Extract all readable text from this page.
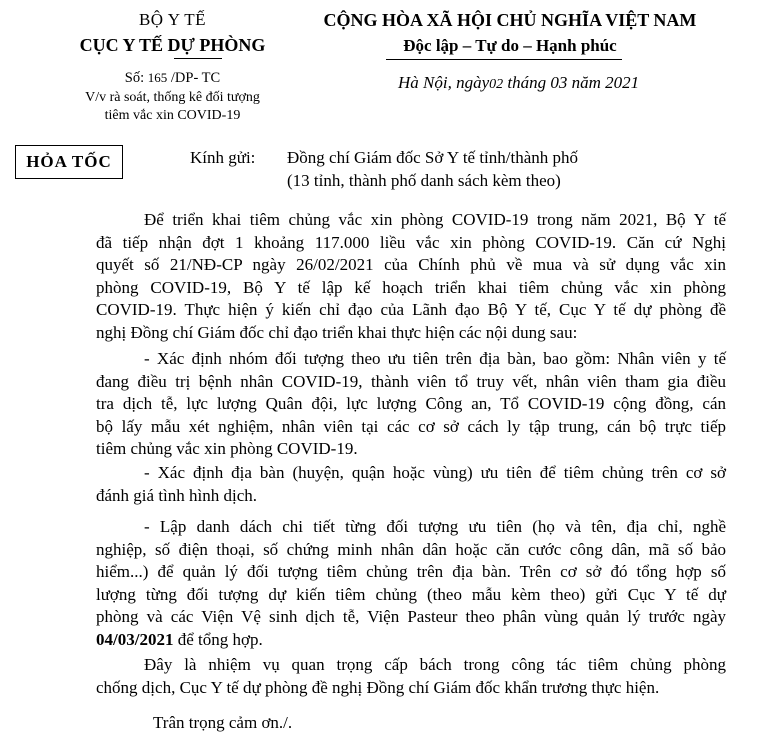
BỘ Y TẾ
CỤC Y TẾ DỰ PHÒNG
Số: 165 /DP- TC
V/v rà soát, thống kê đối tượng
tiêm vắc xin COVID-19
CỘNG HÒA XÃ HỘI CHỦ NGHĨA VIỆT NAM
Độc lập – Tự do – Hạnh phúc
Hà Nội, ngày02 tháng 03 năm 2021
HỎA TỐC	Kính gửi: Đồng chí Giám đốc Sở Y tế tỉnh/thành phố
(13 tỉnh, thành phố danh sách kèm theo)
Để triển khai tiêm chủng vắc xin phòng COVID-19 trong năm 2021, Bộ Y tế
đã tiếp nhận đợt 1 khoảng 117.000 liều vắc xin phòng COVID-19. Căn cứ Nghị
quyết số 21/NĐ-CP ngày 26/02/2021 của Chính phủ về mua và sử dụng vắc xin
phòng COVID-19, Bộ Y tế lập kế hoạch triển khai tiêm chủng vắc xin phòng
COVID-19. Thực hiện ý kiến chỉ đạo của Lãnh đạo Bộ Y tế, Cục Y tế dự phòng đề
nghị Đồng chí Giám đốc chỉ đạo triển khai thực hiện các nội dung sau:
- Xác định nhóm đối tượng theo ưu tiên trên địa bàn, bao gồm: Nhân viên y tế
đang điều trị bệnh nhân COVID-19, thành viên tổ truy vết, nhân viên tham gia điều
tra dịch tễ, lực lượng Quân đội, lực lượng Công an, Tổ COVID-19 cộng đồng, cán
bộ lấy mẫu xét nghiệm, nhân viên tại các cơ sở cách ly tập trung, cán bộ trực tiếp
tiêm chủng vắc xin phòng COVID-19.
- Xác định địa bàn (huyện, quận hoặc vùng) ưu tiên để tiêm chủng trên cơ sở
đánh giá tình hình dịch.
- Lập danh dách chi tiết từng đối tượng ưu tiên (họ và tên, địa chỉ, nghề
nghiệp, số điện thoại, số chứng minh nhân dân hoặc căn cước công dân, mã số bảo
hiểm...) để quản lý đối tượng tiêm chủng trên địa bàn. Trên cơ sở đó tổng hợp số
lượng từng đối tượng dự kiến tiêm chủng (theo mẫu kèm theo) gửi Cục Y tế dự
phòng và các Viện Vệ sinh dịch tễ, Viện Pasteur theo phân vùng quản lý trước ngày
04/03/2021 để tổng hợp.
Đây là nhiệm vụ quan trọng cấp bách trong công tác tiêm chủng phòng
chống dịch, Cục Y tế dự phòng đề nghị Đồng chí Giám đốc khẩn trương thực hiện.
Trân trọng cảm ơn./.
